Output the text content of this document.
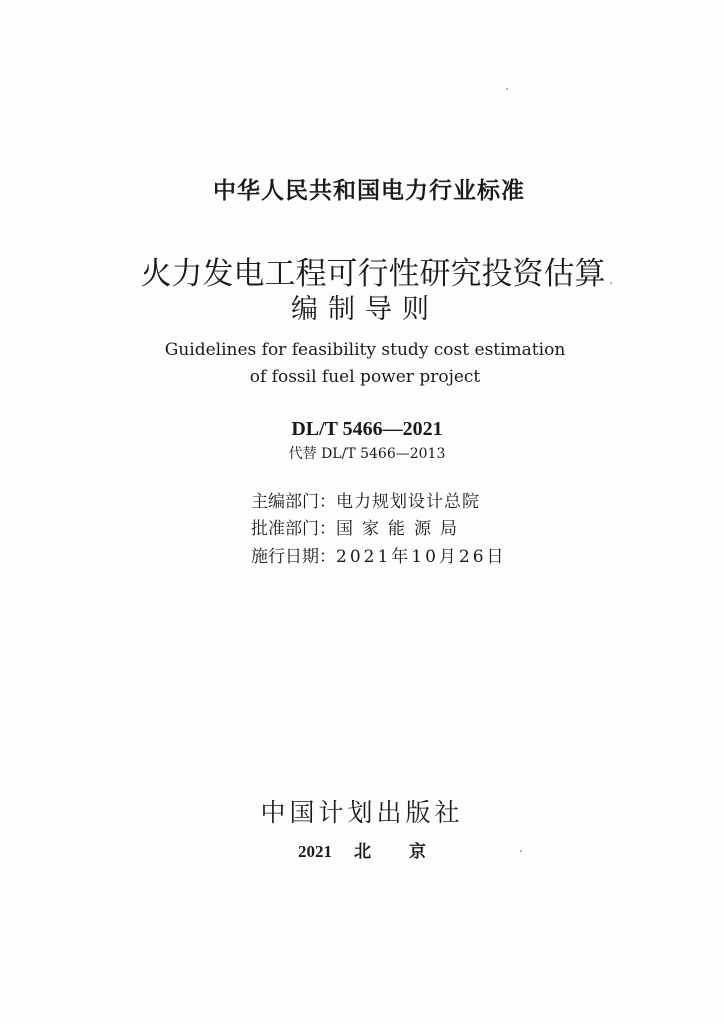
中华人民共和国电力行业标准
火力发电工程可行性研究投资估算
编制导则
Guidelines for feasibility study cost estimation
of fossil fuel power project
DL/T 5466—2021
代替 DL/T 5466—2013
主编部门：电力规划设计总院
批准部门：国家能源局
施行日期：2021年10月26日
中国计划出版社
2021 北 京
